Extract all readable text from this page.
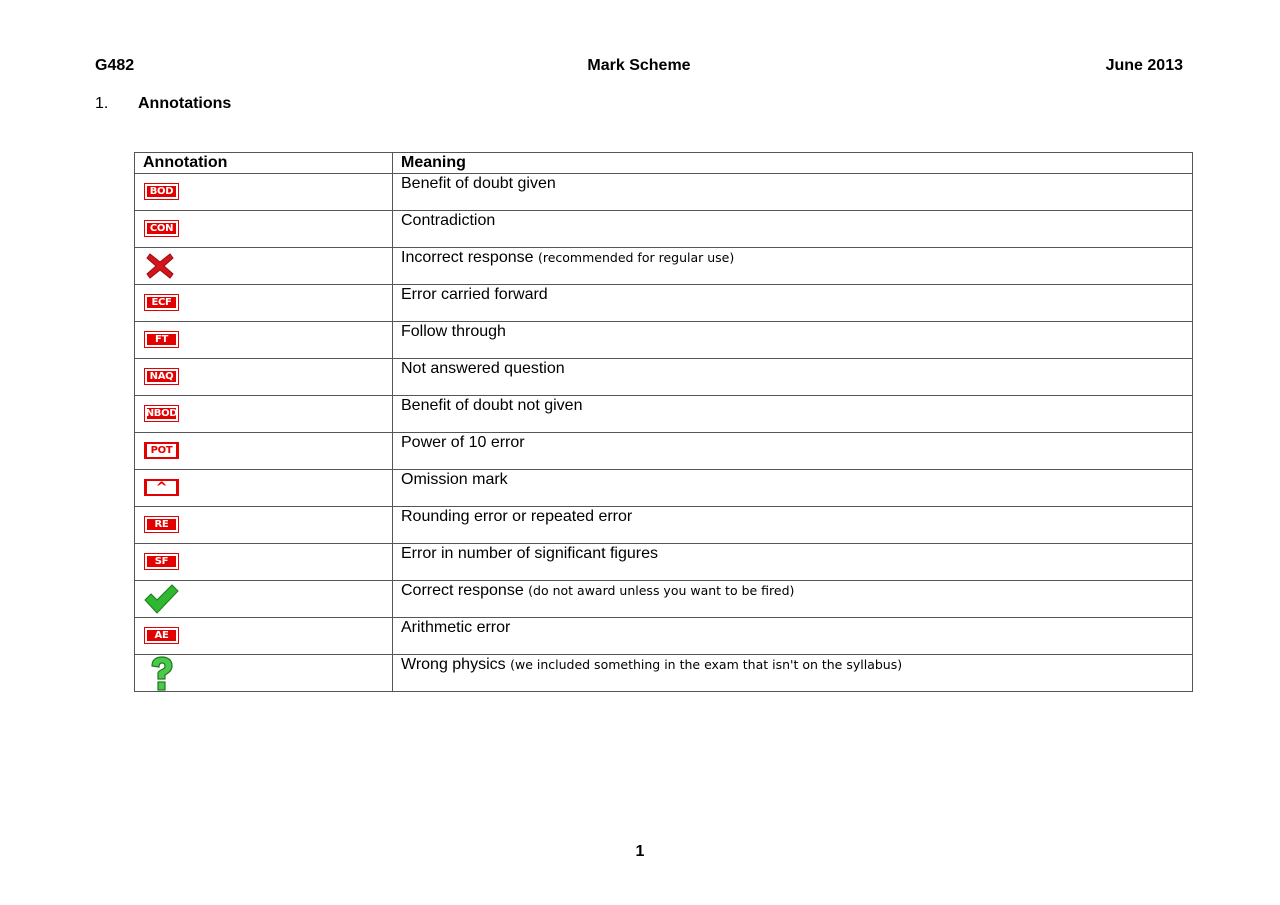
G482	Mark Scheme	June 2013
1. Annotations
Annotation	Meaning

BOD	Benefit of doubt given

CON	Contradiction

	Incorrect response (recommended for regular use)

ECF	Error carried forward

FT	Follow through

NAQ	Not answered question

NBOD	Benefit of doubt not given

POT	Power of 10 error

^	Omission mark

RE	Rounding error or repeated error

SF	Error in number of significant figures

	Correct response (do not award unless you want to be fired)

AE	Arithmetic error

	Wrong physics (we included something in the exam that isn't on the syllabus)
1
